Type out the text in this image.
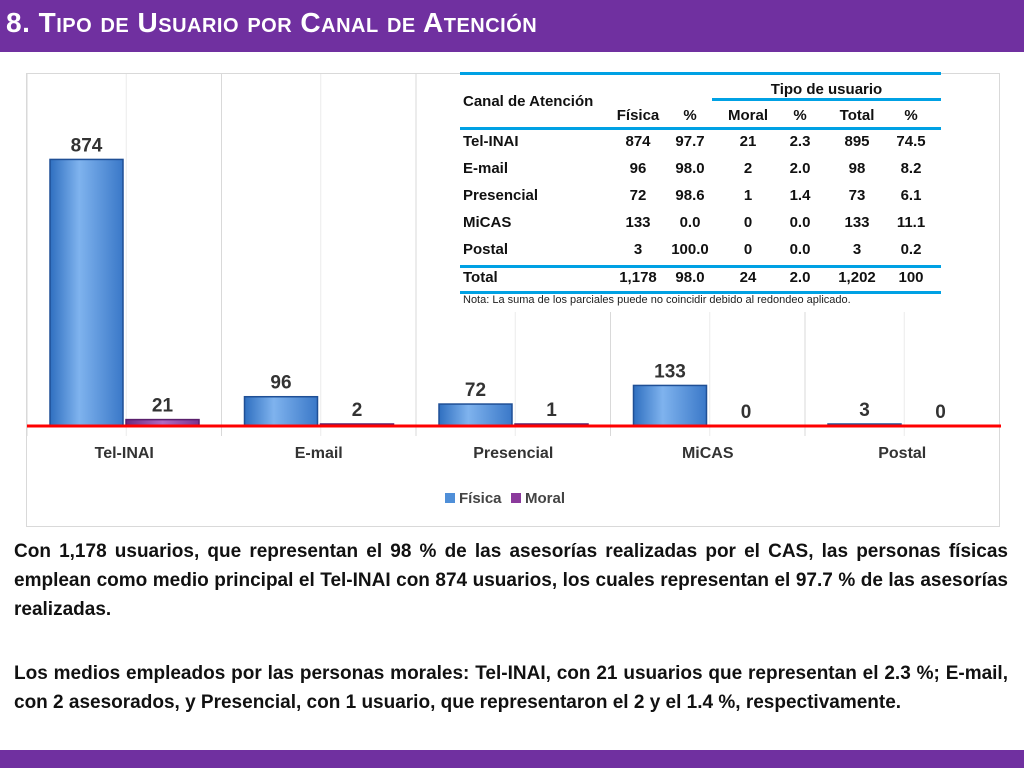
8. Tipo de Usuario por Canal de Atención
874
21
Tel-INAI
96
2
E-mail
72
1
Presencial
133
0
MiCAS
3	0
Postal
Física Moral
Canal de Atención
Tipo de usuario
Física	%	Moral	%	Total	%
Tel-INAI	874	97.7	21	2.3	895	74.5
E-mail	96	98.0	2	2.0	98	8.2
Presencial	72	98.6	1	1.4	73	6.1
MiCAS	133	0.0	0	0.0	133	11.1
Postal	3	100.0	0	0.0	3	0.2
Total	1,178	98.0	24	2.0	1,202	100
Nota: La suma de los parciales puede no coincidir debido al redondeo aplicado.
Con 1,178 usuarios, que representan el 98 % de las asesorías realizadas por el CAS, las personas físicas emplean como medio principal el Tel-INAI con 874 usuarios, los cuales representan el 97.7 % de las asesorías realizadas.
Los medios empleados por las personas morales: Tel-INAI, con 21 usuarios que representan el 2.3 %; E-mail, con 2 asesorados, y Presencial, con 1 usuario, que representaron el 2 y el 1.4 %, respectivamente.
